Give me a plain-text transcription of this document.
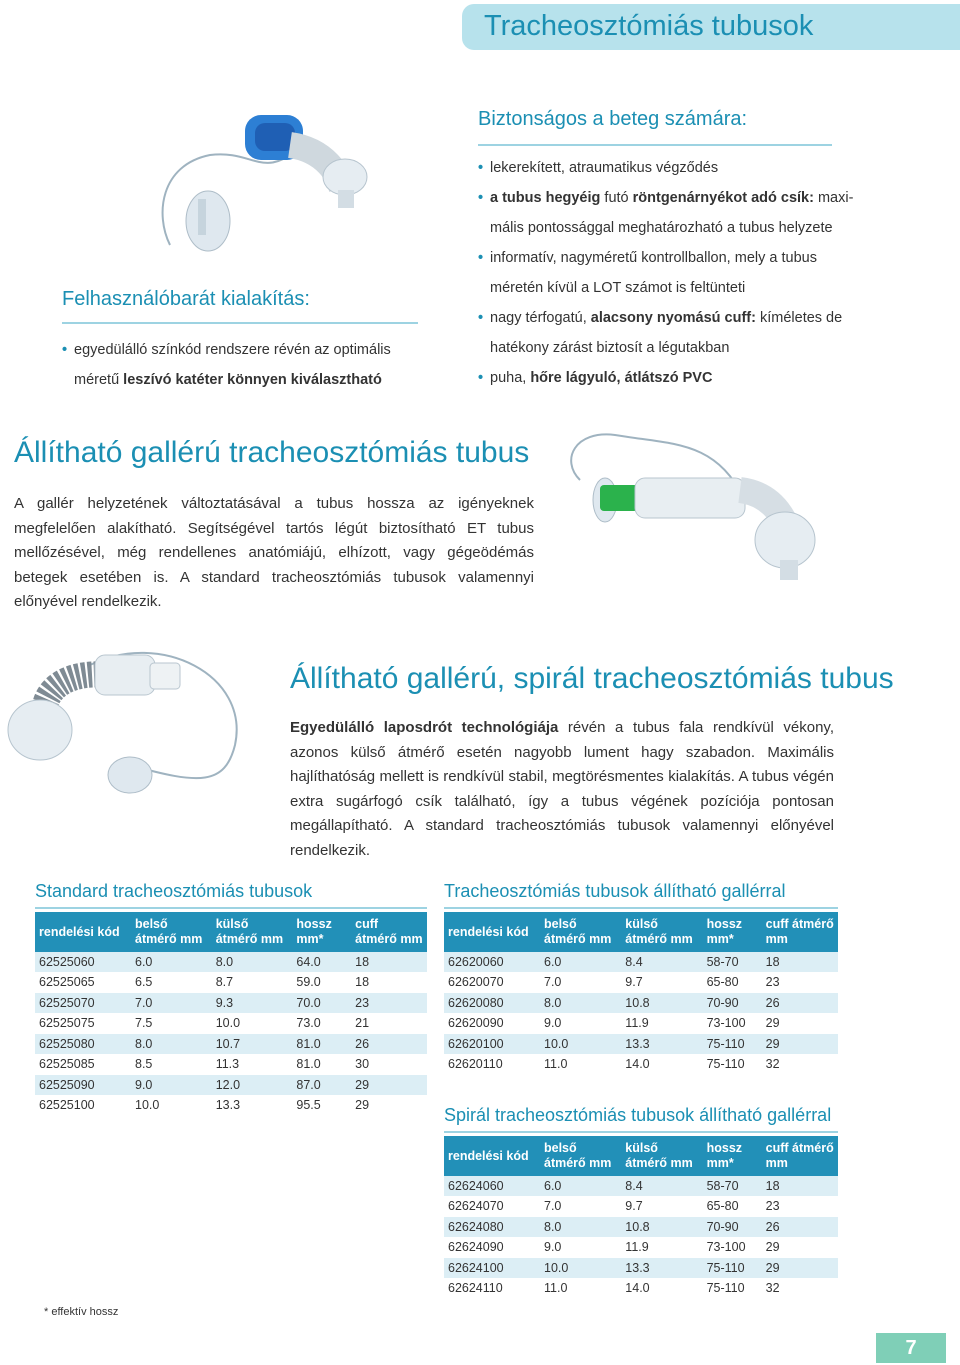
Tracheosztómiás tubusok
Felhasználóbarát kialakítás:
• egyedülálló színkód rendszere révén az optimális
méretű leszívó katéter könnyen kiválasztható
Biztonságos a beteg számára:
• lekerekített, atraumatikus végződés
• a tubus hegyéig futó röntgenárnyékot adó csík: maxi-
mális pontossággal meghatározható a tubus helyzete
• informatív, nagyméretű kontrollballon, mely a tubus
méretén kívül a LOT számot is feltünteti
• nagy térfogatú, alacsony nyomású cuff: kíméletes de
hatékony zárást biztosít a légutakban
• puha, hőre lágyuló, átlátszó PVC
Állítható gallérú tracheosztómiás tubus
A gallér helyzetének változtatásával a tubus hossza az igényeknek megfelelően alakítható. Segítségével tartós légút biztosítható ET tubus mellőzésével, még rendellenes anatómiájú, elhízott, vagy gégeödémás betegek esetében is. A standard tracheosztómiás tubusok valamennyi előnyével rendelkezik.
Állítható gallérú, spirál tracheosztómiás tubus
Egyedülálló laposdrót technológiája révén a tubus fala rendkívül vékony, azonos külső átmérő esetén nagyobb lument hagy szabadon. Maximális hajlíthatóság mellett is rendkívül stabil, megtörésmentes kialakítás. A tubus végén extra sugárfogó csík található, így a tubus végének pozíciója pontosan megállapítható. A standard tracheosztómiás tubusok valamennyi előnyével rendelkezik.
Standard tracheosztómiás tubusok
rendelési kód	belső átmérő mm	külső átmérő mm	hossz mm*	cuff átmérő mm
62525060	6.0	8.0	64.0	18
62525065	6.5	8.7	59.0	18
62525070	7.0	9.3	70.0	23
62525075	7.5	10.0	73.0	21
62525080	8.0	10.7	81.0	26
62525085	8.5	11.3	81.0	30
62525090	9.0	12.0	87.0	29
62525100	10.0	13.3	95.5	29
Tracheosztómiás tubusok állítható gallérral
rendelési kód	belső átmérő mm	külső átmérő mm	hossz mm*	cuff átmérő mm
62620060	6.0	8.4	58-70	18
62620070	7.0	9.7	65-80	23
62620080	8.0	10.8	70-90	26
62620090	9.0	11.9	73-100	29
62620100	10.0	13.3	75-110	29
62620110	11.0	14.0	75-110	32
Spirál tracheosztómiás tubusok állítható gallérral
rendelési kód	belső átmérő mm	külső átmérő mm	hossz mm*	cuff átmérő mm
62624060	6.0	8.4	58-70	18
62624070	7.0	9.7	65-80	23
62624080	8.0	10.8	70-90	26
62624090	9.0	11.9	73-100	29
62624100	10.0	13.3	75-110	29
62624110	11.0	14.0	75-110	32
* effektív hossz
7
